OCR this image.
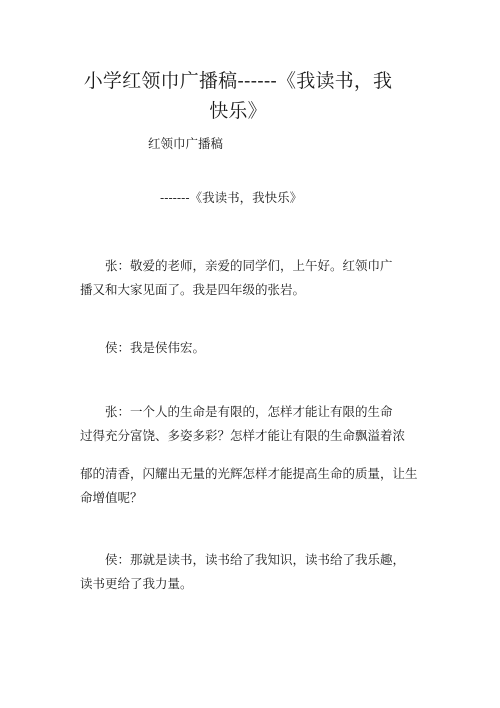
小学红领巾广播稿------《我读书，我
快乐》
红领巾广播稿
-------《我读书，我快乐》
张：敬爱的老师，亲爱的同学们，上午好。红领巾广
播又和大家见面了。我是四年级的张岩。
侯：我是侯伟宏。
张：一个人的生命是有限的，怎样才能让有限的生命
过得充分富饶、多姿多彩？怎样才能让有限的生命飘溢着浓
郁的清香，闪耀出无量的光辉怎样才能提高生命的质量，让生
命增值呢？
侯：那就是读书，读书给了我知识，读书给了我乐趣，
读书更给了我力量。
